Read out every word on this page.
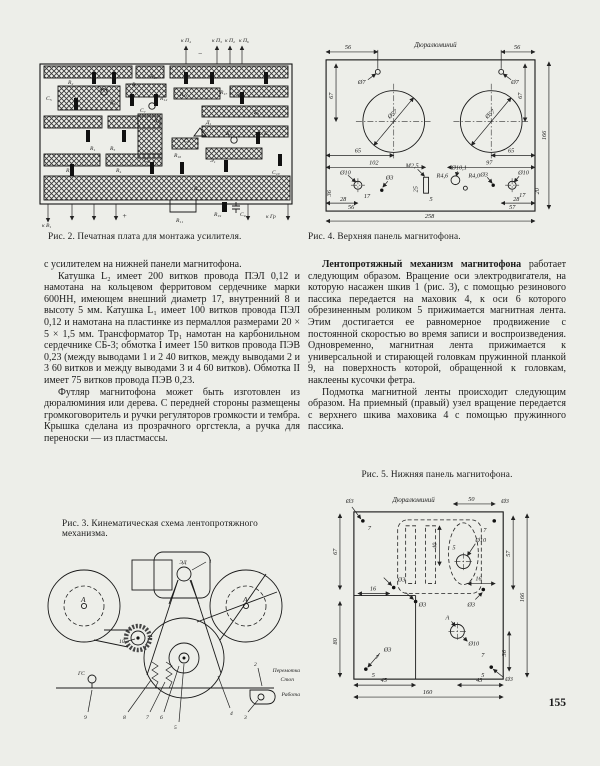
к П₄	к П₃ к П₂ к П₆
−
к В₁
+
R₁₁
R₁₉	C₉	к Гр
C₅
R₂
C₂
R₆
R₇
R₁₀
R₁₂
C₇
R₉
R₁₃	R₁₇
Д₁
C₇
Э₂
Б₆
К₈	Б₅
R₁	R₅
C₈
R₃	R₄
R₁₆
Э₁
C₁₀
R₁₈
Рис. 2. Печатная плата для монтажа усилителя.
Дюралюминий
Ø57	Ø57
56	56
Ø7	Ø7
67	67
166
65	65
102	97
Ø10
Ø3
М2,5	Ø10,1
R4,6	R4,0 Ø3	Ø10
36	17
28
56
17
28
57
20
25
5
258
Рис. 4. Верхняя панель магнитофона.

с усилителем на нижней панели магнитофона.

Катушка L₂ имеет 200 витков провода ПЭЛ 0,12 и намотана на кольцевом ферритовом сердечнике марки 600НН, имеющем внешний диаметр 17, внутренний 8 и высоту 5 мм. Катушка L₁ имеет 100 витков провода ПЭЛ 0,12 и намотана на пластинке из пермаллоя размерами 20 × 5 × 1,5 мм. Трансформатор Тр₁ намотан на карбонильном сердечнике СБ-3; обмотка I имеет 150 витков провода ПЭВ 0,23 (между выводами 1 и 2 40 витков, между выводами 2 и 3 60 витков и между выводами 3 и 4 60 витков). Обмотка II имеет 75 витков провода ПЭВ 0,23.

Футляр магнитофона может быть изготовлен из дюралюминия или дерева. С передней стороны размещены громкоговоритель и ручки регуляторов громкости и тембра. Крышка сделана из прозрачного оргстекла, а ручка для переноски — из пластмассы.

Лентопротяжный механизм магнитофона работает следующим образом. Вращение оси электродвигателя, на которую насажен шкив 1 (рис. 3), с помощью резинового пассика передается на маховик 4, к оси 6 которого обрезиненным роликом 5 прижимается магнитная лента. Этим достигается ее равномерное продвижение с постоянной скоростью во время записи и воспроизведения. Одновременно, магнитная лента прижимается к универсальной и стирающей головкам пружинной планкой 9, на поверхность которой, обращенной к головкам, наклеены кусочки фетра.

Подмотка магнитной ленты происходит следующим образом. На приемный (правый) узел вращение передается с верхнего шкива маховика 4 с помощью пружинного пассика.

Рис. 3. Кинематическая схема лентопротяжного механизма.
ЭД	1
A	A
10
ГС
9	8	7 6
5
4
3
2
Перемотка
Стоп
Работа
Рис. 5. Нижняя панель магнитофона.
Дюралюминий
Ø3	50	Ø3
7	7
67	57
166
80
Ø3
16
Ø3
16
Ø3
40
Ø10
5
A
Ø10
36
7
Ø3
5
7
Ø3
5
45	43
160
155
